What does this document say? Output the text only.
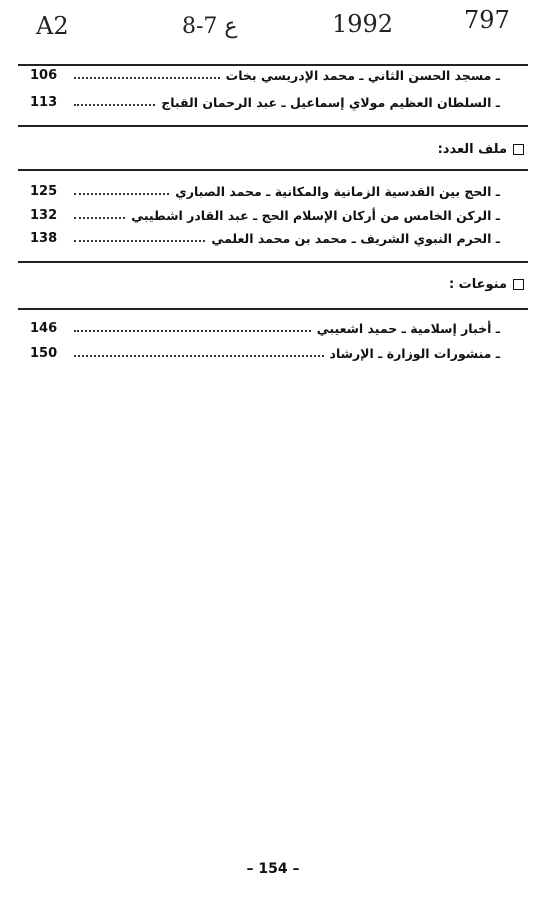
A2	8-7 ع	1992	797
ـ مسجد الحسن الثاني ـ محمد الإدريسي بخات
106
ـ السلطان العظيم مولاي إسماعيل ـ عبد الرحمان القباج
113
ملف العدد:
ـ الحج بين القدسية الزمانية والمكانية ـ محمد الصباري
125
ـ الركن الخامس من أركان الإسلام الحج ـ عبد القادر اشطيبي
132
ـ الحرم النبوي الشريف ـ محمد بن محمد العلمي
138
منوعات :
ـ أخبار إسلامية ـ حميد اشعيبي
146
ـ منشورات الوزارة ـ الإرشاد
150
– 154 –
